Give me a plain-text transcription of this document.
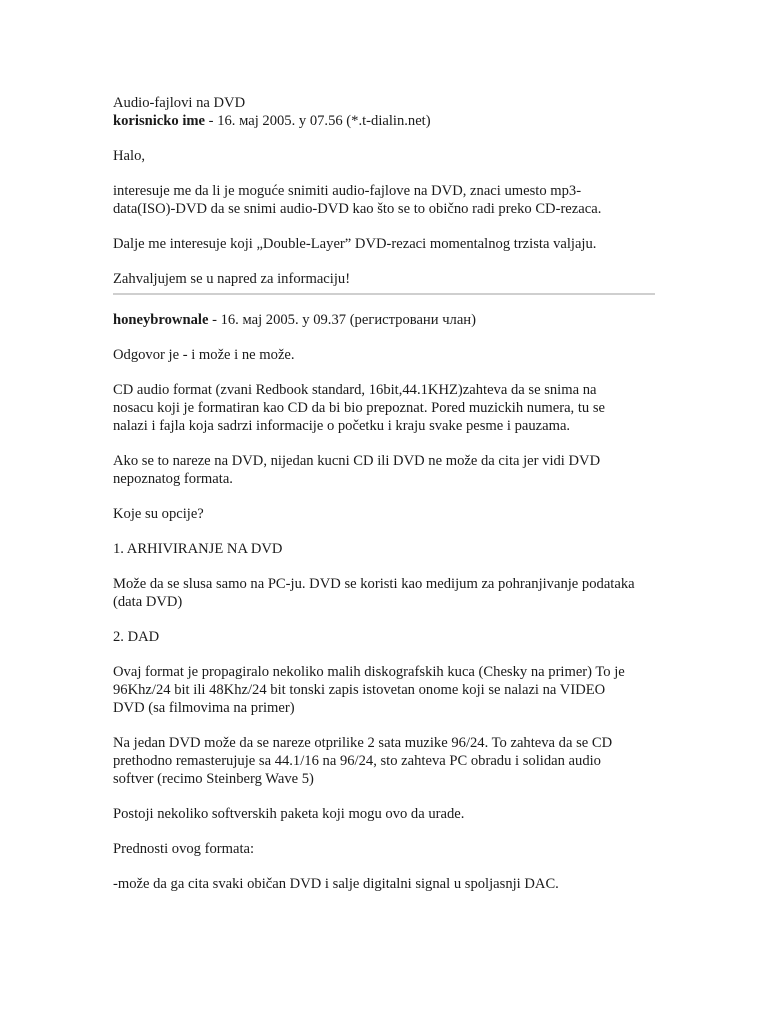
Audio-fajlovi na DVD

korisnicko ime - 16. мај 2005. у 07.56 (*.t-dialin.net)

Halo,

interesuje me da li je moguće snimiti audio-fajlove na DVD, znaci umesto mp3-

data(ISO)-DVD da se snimi audio-DVD kao što se to obično radi preko CD-rezaca.

Dalje me interesuje koji „Double-Layer” DVD-rezaci momentalnog trzista valjaju.

Zahvaljujem se u napred za informaciju!

honeybrownale - 16. мај 2005. у 09.37 (регистровани члан)

Odgovor je - i može i ne može.

CD audio format (zvani Redbook standard, 16bit,44.1KHZ)zahteva da se snima na

nosacu koji je formatiran kao CD da bi bio prepoznat. Pored muzickih numera, tu se

nalazi i fajla koja sadrzi informacije o početku i kraju svake pesme i pauzama.

Ako se to nareze na DVD, nijedan kucni CD ili DVD ne može da cita jer vidi DVD

nepoznatog formata.

Koje su opcije?

1. ARHIVIRANJE NA DVD

Može da se slusa samo na PC-ju. DVD se koristi kao medijum za pohranjivanje podataka

(data DVD)

2. DAD

Ovaj format je propagiralo nekoliko malih diskografskih kuca (Chesky na primer) To je

96Khz/24 bit ili 48Khz/24 bit tonski zapis istovetan onome koji se nalazi na VIDEO

DVD (sa filmovima na primer)

Na jedan DVD može da se nareze otprilike 2 sata muzike 96/24. To zahteva da se CD

prethodno remasterujuje sa 44.1/16 na 96/24, sto zahteva PC obradu i solidan audio

softver (recimo Steinberg Wave 5)

Postoji nekoliko softverskih paketa koji mogu ovo da urade.

Prednosti ovog formata:

-može da ga cita svaki običan DVD i salje digitalni signal u spoljasnji DAC.
